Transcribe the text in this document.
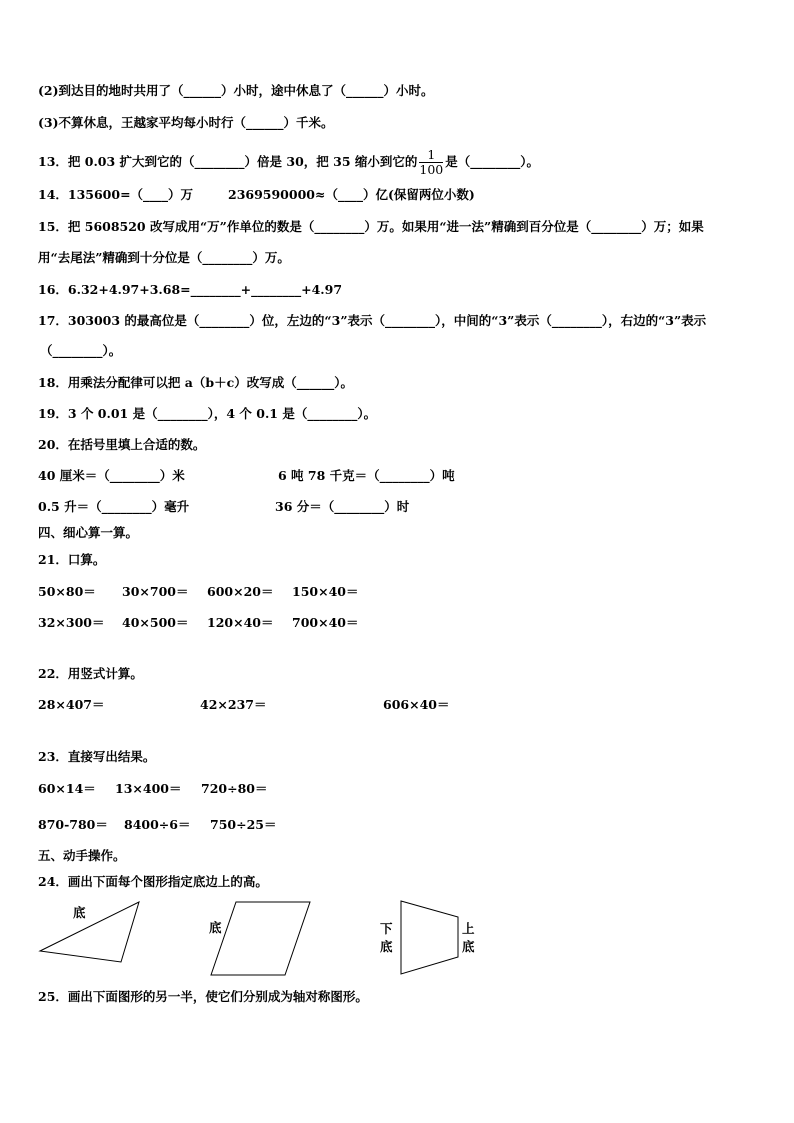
(2)到达目的地时共用了（______）小时，途中休息了（______）小时。
(3)不算休息，王越家平均每小时行（______）千米。
13．把 0.03 扩大到它的（________）倍是 30，把 35 缩小到它的 $\frac{1}{100}$ 是（________）。
14．135600=（____）万	2369590000≈（____）亿(保留两位小数)
15．把 5608520 改写成用“万”作单位的数是（________）万。如果用“进一法”精确到百分位是（________）万；如果
用“去尾法”精确到十分位是（________）万。
16．6.32+4.97+3.68=________+________+4.97
17．303003 的最高位是（________）位，左边的“3”表示（________），中间的“3”表示（________），右边的“3”表示
（________）。
18．用乘法分配律可以把 a（b＋c）改写成（______）。
19．3 个 0.01 是（________），4 个 0.1 是（________）。
20．在括号里填上合适的数。
40 厘米＝（________）米	6 吨 78 千克＝（________）吨
0.5 升＝（________）毫升	36 分＝（________）时
四、细心算一算。
21．口算。
50×80＝ 30×700＝ 600×20＝ 150×40＝
32×300＝ 40×500＝ 120×40＝ 700×40＝
22．用竖式计算。
28×407＝	42×237＝	606×40＝
23．直接写出结果。
60×14＝ 13×400＝ 720÷80＝
870-780＝ 8400÷6＝ 750÷25＝
五、动手操作。
24．画出下面每个图形指定底边上的高。
底
底	下
底
上
底
25．画出下面图形的另一半，使它们分别成为轴对称图形。
